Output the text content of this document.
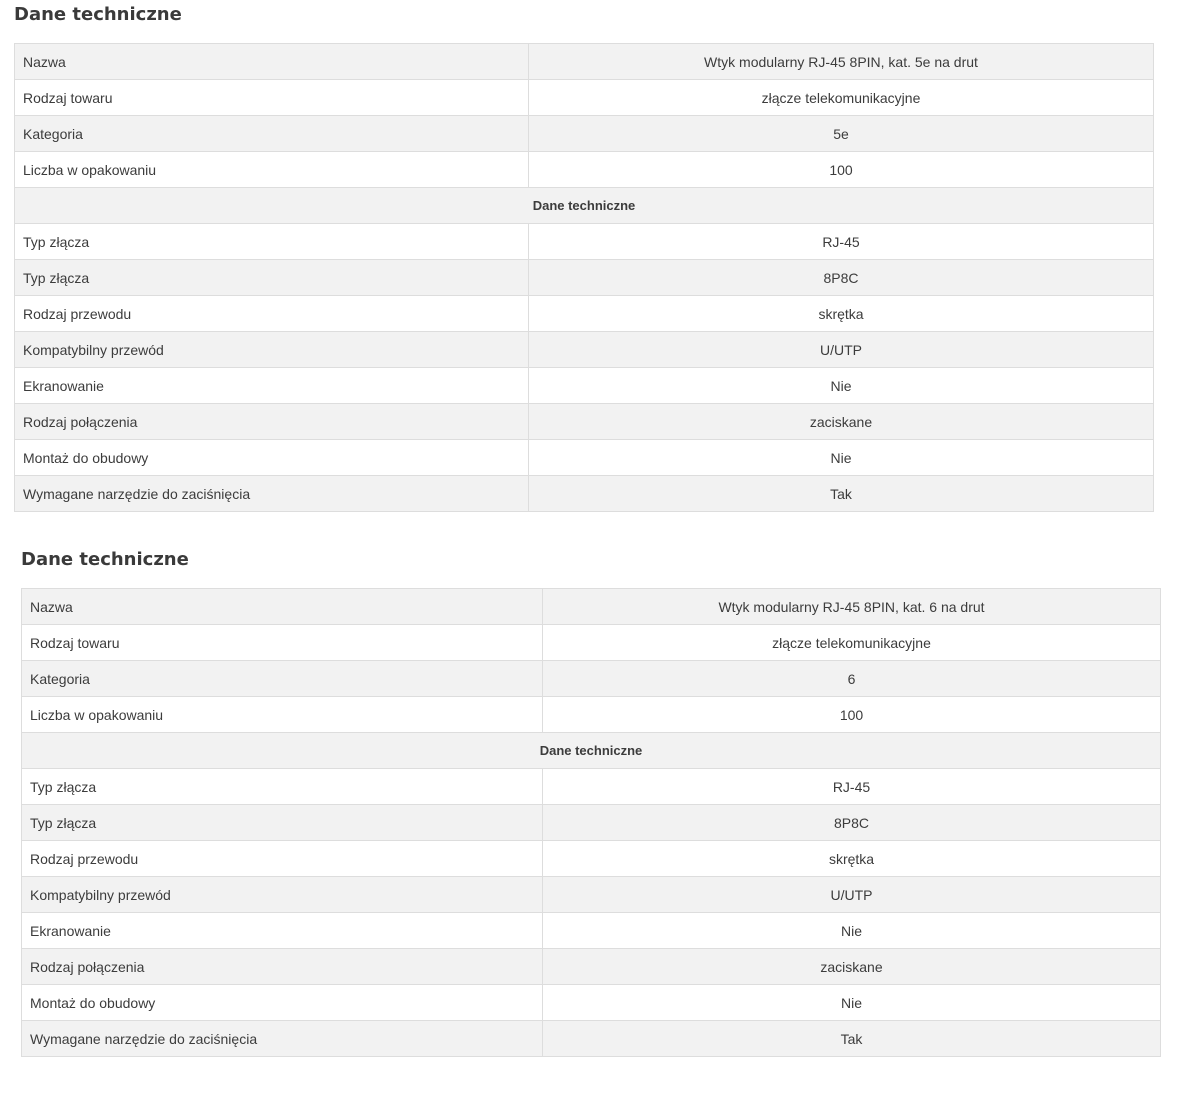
Dane techniczne
Nazwa	Wtyk modularny RJ-45 8PIN, kat. 5e na drut
Rodzaj towaru	złącze telekomunikacyjne
Kategoria	5e
Liczba w opakowaniu	100
Dane techniczne	
Typ złącza	RJ-45
Typ złącza	8P8C
Rodzaj przewodu	skrętka
Kompatybilny przewód	U/UTP
Ekranowanie	Nie
Rodzaj połączenia	zaciskane
Montaż do obudowy	Nie
Wymagane narzędzie do zaciśnięcia	Tak
Dane techniczne
Nazwa	Wtyk modularny RJ-45 8PIN, kat. 6 na drut
Rodzaj towaru	złącze telekomunikacyjne
Kategoria	6
Liczba w opakowaniu	100
Dane techniczne	
Typ złącza	RJ-45
Typ złącza	8P8C
Rodzaj przewodu	skrętka
Kompatybilny przewód	U/UTP
Ekranowanie	Nie
Rodzaj połączenia	zaciskane
Montaż do obudowy	Nie
Wymagane narzędzie do zaciśnięcia	Tak
